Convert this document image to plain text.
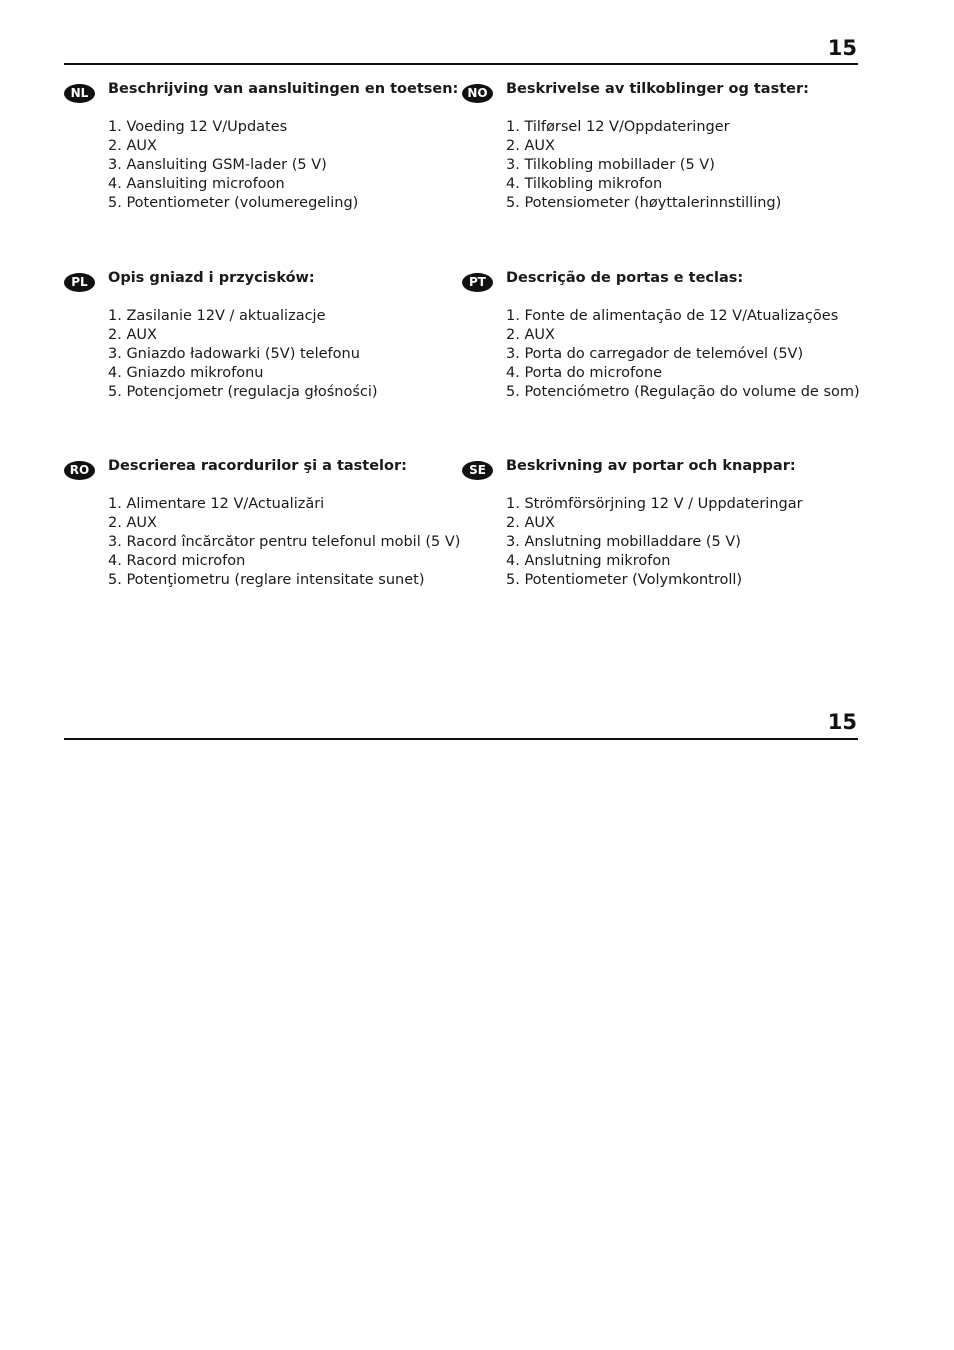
15
NL	Beschrijving van aansluitingen en toetsen:
1. Voeding 12 V/Updates
2. AUX
3. Aansluiting GSM-lader (5 V)
4. Aansluiting microfoon
5. Potentiometer (volumeregeling)
NO	Beskrivelse av tilkoblinger og taster:
1. Tilførsel 12 V/Oppdateringer
2. AUX
3. Tilkobling mobillader (5 V)
4. Tilkobling mikrofon
5. Potensiometer (høyttalerinnstilling)
PL	Opis gniazd i przycisków:
1. Zasilanie 12V / aktualizacje
2. AUX
3. Gniazdo ładowarki (5V) telefonu
4. Gniazdo mikrofonu
5. Potencjometr (regulacja głośności)
PT	Descrição de portas e teclas:
1. Fonte de alimentação de 12 V/Atualizações
2. AUX
3. Porta do carregador de telemóvel (5V)
4. Porta do microfone
5. Potenciómetro (Regulação do volume de som)
RO	Descrierea racordurilor şi a tastelor:
1. Alimentare 12 V/Actualizări
2. AUX
3. Racord încărcător pentru telefonul mobil (5 V)
4. Racord microfon
5. Potenţiometru (reglare intensitate sunet)
SE	Beskrivning av portar och knappar:
1. Strömförsörjning 12 V / Uppdateringar
2. AUX
3. Anslutning mobilladdare (5 V)
4. Anslutning mikrofon
5. Potentiometer (Volymkontroll)
15
